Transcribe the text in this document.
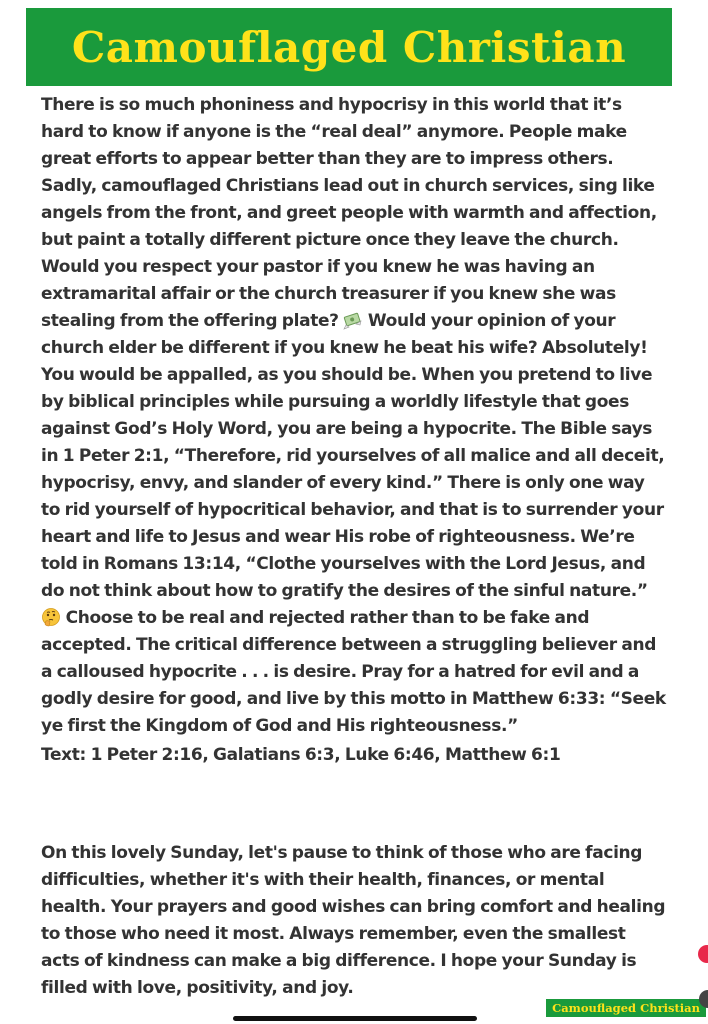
Camouflaged Christian
There is so much phoniness and hypocrisy in this world that it’s hard to know if anyone is the “real deal” anymore. People make great efforts to appear better than they are to impress others. Sadly, camouflaged Christians lead out in church services, sing like angels from the front, and greet people with warmth and affection, but paint a totally different picture once they leave the church. Would you respect your pastor if you knew he was having an extramarital affair or the church treasurer if you knew she was stealing from the offering plate?  Would your opinion of your church elder be different if you knew he beat his wife? Absolutely! You would be appalled, as you should be. When you pretend to live by biblical principles while pursuing a worldly lifestyle that goes against God’s Holy Word, you are being a hypocrite. The Bible says in 1 Peter 2:1, “Therefore, rid yourselves of all malice and all deceit, hypocrisy, envy, and slander of every kind.” There is only one way to rid yourself of hypocritical behavior, and that is to surrender your heart and life to Jesus and wear His robe of righteousness. We’re told in Romans 13:14, “Clothe yourselves with the Lord Jesus, and do not think about how to gratify the desires of the sinful nature.”  Choose to be real and rejected rather than to be fake and accepted. The critical difference between a struggling believer and a calloused hypocrite . . . is desire. Pray for a hatred for evil and a godly desire for good, and live by this motto in Matthew 6:33: “Seek ye first the Kingdom of God and His righteousness.”
Text: 1 Peter 2:16, Galatians 6:3, Luke 6:46, Matthew 6:1
On this lovely Sunday, let's pause to think of those who are facing difficulties, whether it's with their health, finances, or mental health. Your prayers and good wishes can bring comfort and healing to those who need it most. Always remember, even the smallest acts of kindness can make a big difference. I hope your Sunday is filled with love, positivity, and joy.
Camouflaged Christian
